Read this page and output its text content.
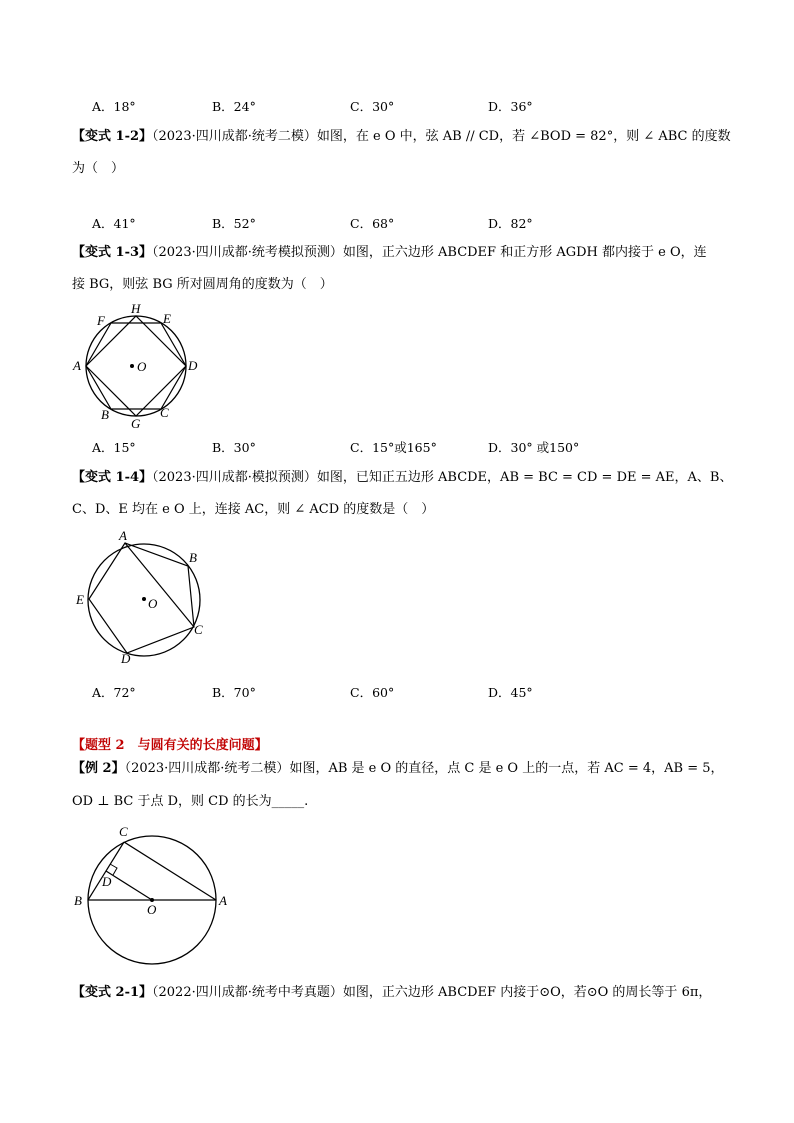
A．18°	B．24°	C．30°	D．36°
【变式 1-2】（2023·四川成都·统考二模）如图，在 e O 中，弦 AB // CD，若 ∠BOD = 82°，则 ∠ ABC 的度数
为（　）
A．41°	B．52°	C．68°	D．82°
【变式 1-3】（2023·四川成都·统考模拟预测）如图，正六边形 ABCDEF 和正方形 AGDH 都内接于 e O，连
接 BG，则弦 BG 所对圆周角的度数为（　）
F
H
E
A	O	D
B
G
C
A．15°	B．30°	C．15°或165°	D．30° 或150°
【变式 1-4】（2023·四川成都·模拟预测）如图，已知正五边形 ABCDE，AB = BC = CD = DE = AE，A、B、
C、D、E 均在 e O 上，连接 AC，则 ∠ ACD 的度数是（　）
A
B
E	O
C
D
A．72°	B．70°	C．60°	D．45°
【题型 2　与圆有关的长度问题】
【例 2】（2023·四川成都·统考二模）如图，AB 是 e O 的直径，点 C 是 e O 上的一点，若 AC = 4，AB = 5，
OD ⊥ BC 于点 D，则 CD 的长为_____.
C
D
B
O
A
【变式 2-1】（2022·四川成都·统考中考真题）如图，正六边形 ABCDEF 内接于⊙O，若⊙O 的周长等于 6π，
